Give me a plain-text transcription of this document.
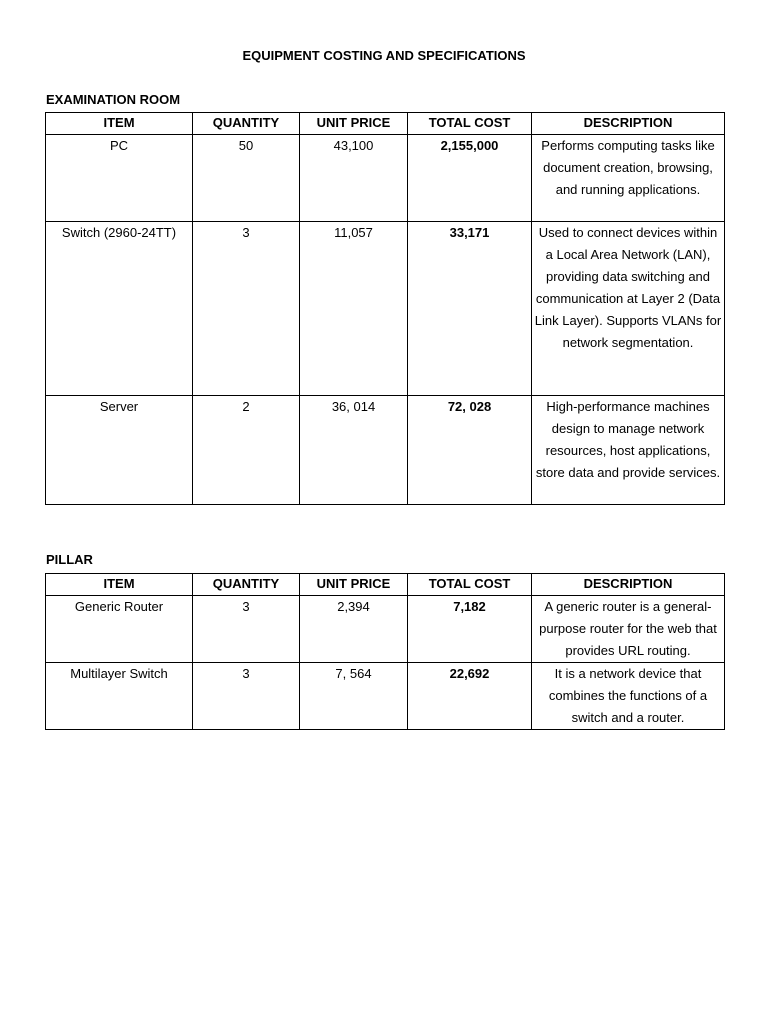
EQUIPMENT COSTING AND SPECIFICATIONS
EXAMINATION ROOM
ITEM	QUANTITY	UNIT PRICE	TOTAL COST	DESCRIPTION
PC	50	43,100	2,155,000	Performs computing tasks like document creation, browsing, and running applications.
Switch (2960-24TT)	3	11,057	33,171	Used to connect devices within a Local Area Network (LAN), providing data switching and communication at Layer 2 (Data Link Layer). Supports VLANs for network segmentation.
Server	2	36, 014	72, 028	High-performance machines design to manage network resources, host applications, store data and provide services.
PILLAR
ITEM	QUANTITY	UNIT PRICE	TOTAL COST	DESCRIPTION
Generic Router	3	2,394	7,182	A generic router is a general-purpose router for the web that provides URL routing.
Multilayer Switch	3	7, 564	22,692	It is a network device that combines the functions of a switch and a router.
